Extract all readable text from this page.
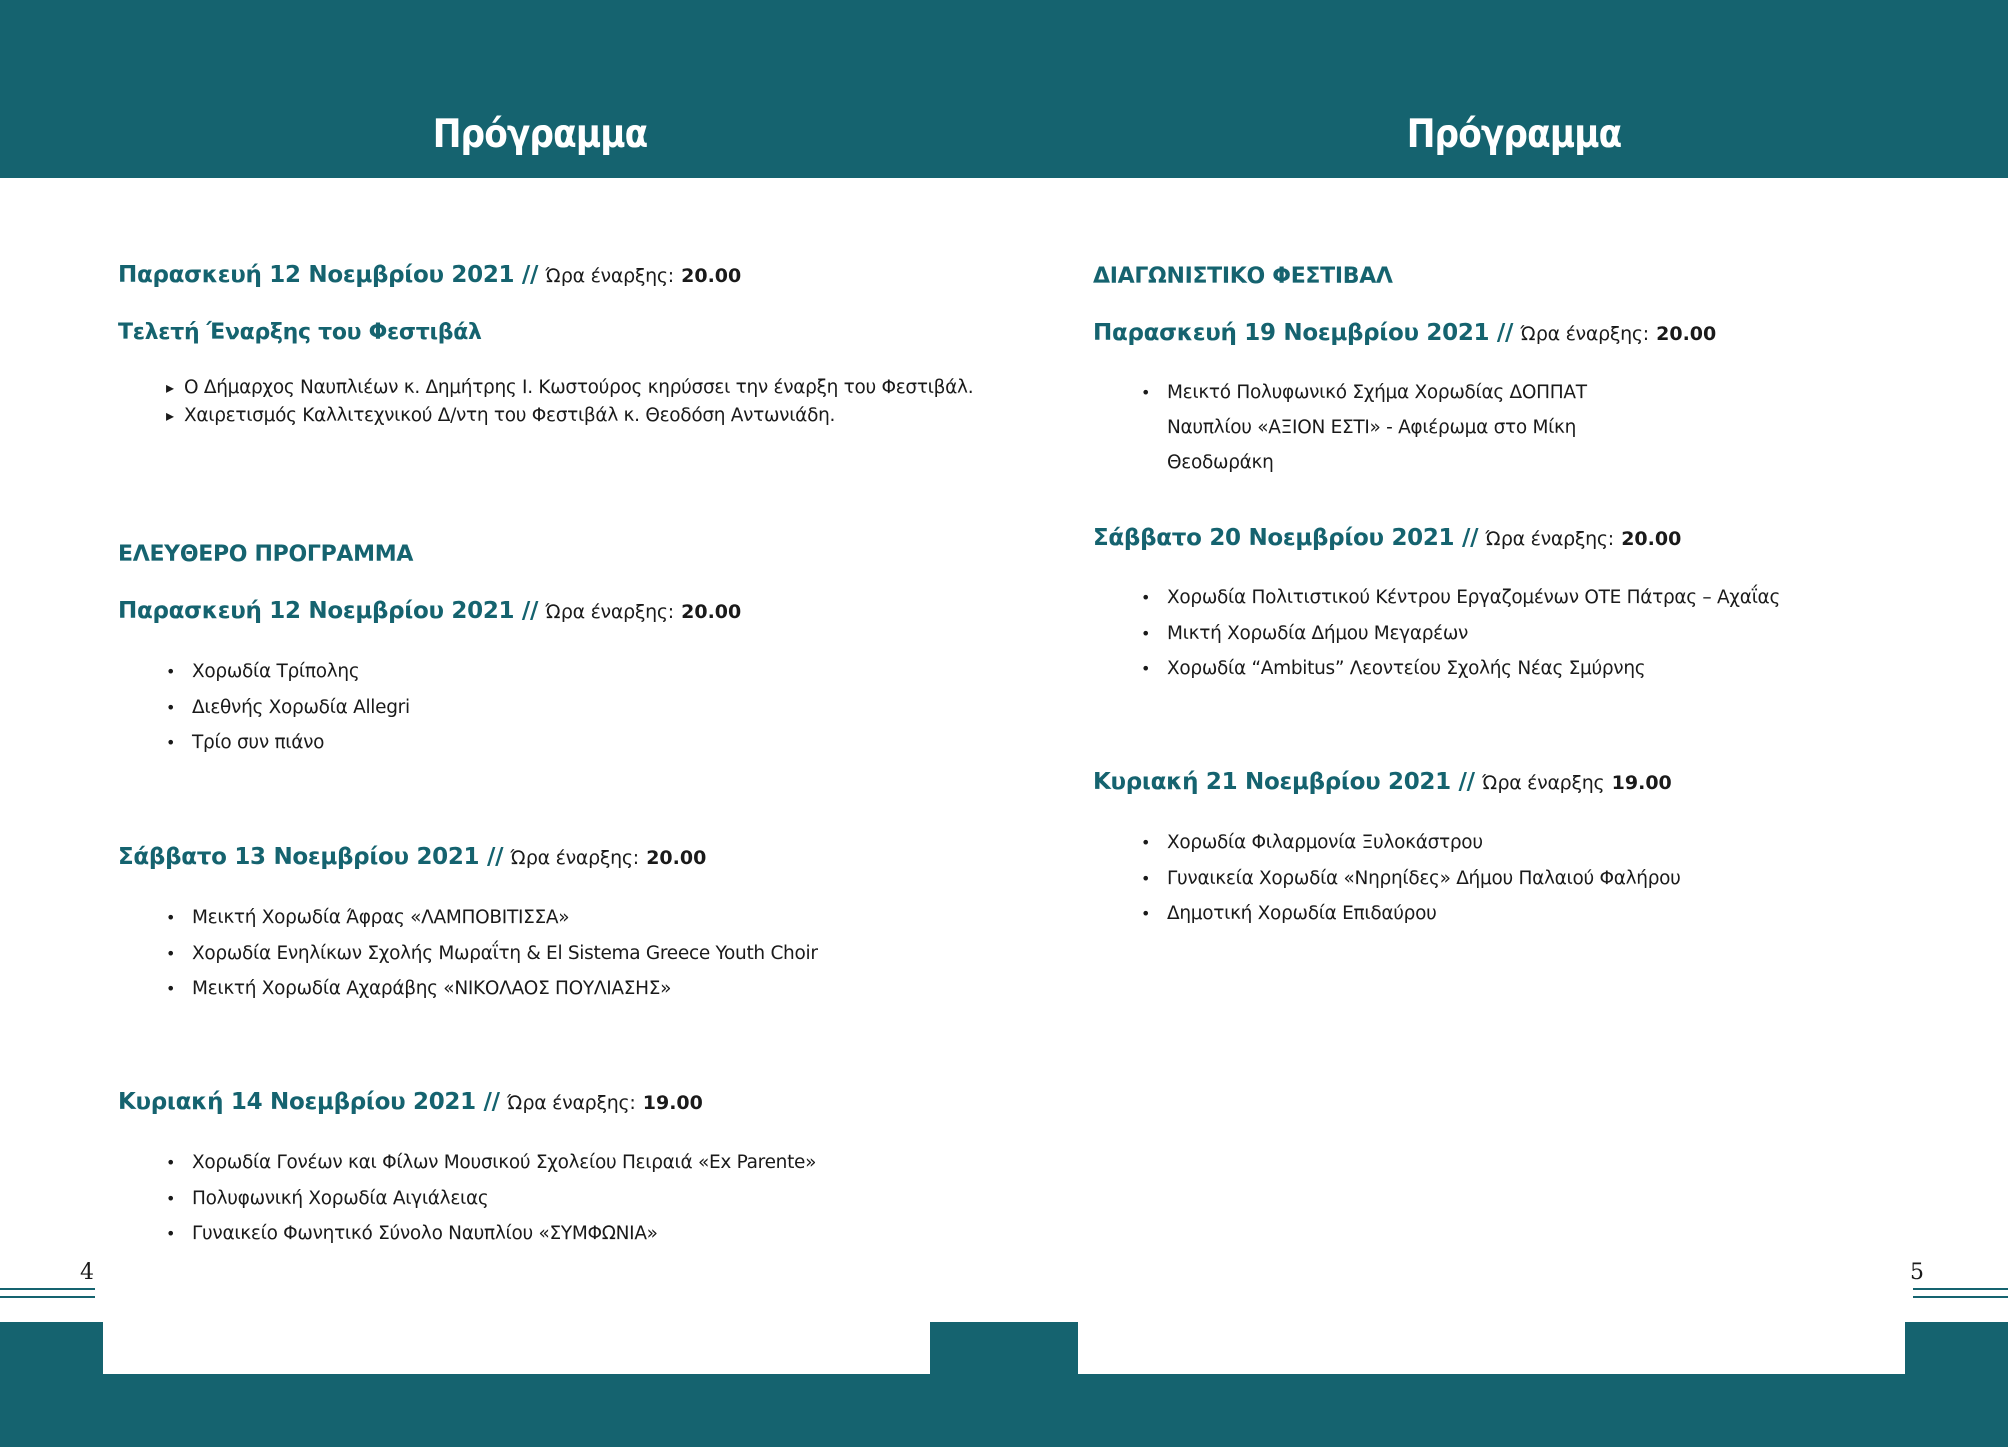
Πρόγραμμα	Πρόγραμμα

Παρασκευή 12 Νοεμβρίου 2021 // Ώρα έναρξης: 20.00

Τελετή Έναρξης του Φεστιβάλ
▸ Ο Δήμαρχος Ναυπλιέων κ. Δημήτρης Ι. Κωστούρος κηρύσσει την έναρξη του Φεστιβάλ.
▸ Χαιρετισμός Καλλιτεχνικού Δ/ντη του Φεστιβάλ κ. Θεοδόση Αντωνιάδη.
ΕΛΕΥΘΕΡΟ ΠΡΟΓΡΑΜΜΑ

Παρασκευή 12 Νοεμβρίου 2021 // Ώρα έναρξης: 20.00

• Χορωδία Τρίπολης
• Διεθνής Χορωδία Allegri
• Τρίο συν πιάνο

Σάββατο 13 Νοεμβρίου 2021 // Ώρα έναρξης: 20.00

• Μεικτή Χορωδία Άφρας «ΛΑΜΠΟΒΙΤΙΣΣΑ»
• Χορωδία Ενηλίκων Σχολής Μωραΐτη & El Sistema Greece Youth Choir
• Μεικτή Χορωδία Αχαράβης «ΝΙΚΟΛΑΟΣ ΠΟΥΛΙΑΣΗΣ»

Κυριακή 14 Νοεμβρίου 2021 // Ώρα έναρξης: 19.00

• Χορωδία Γονέων και Φίλων Μουσικού Σχολείου Πειραιά «Ex Parente»
• Πολυφωνική Χορωδία Αιγιάλειας
• Γυναικείο Φωνητικό Σύνολο Ναυπλίου «ΣΥΜΦΩΝΙΑ»
ΔΙΑΓΩΝΙΣΤΙΚΟ ΦΕΣΤΙΒΑΛ

Παρασκευή 19 Νοεμβρίου 2021 // Ώρα έναρξης: 20.00

• Μεικτό Πολυφωνικό Σχήμα Χορωδίας ΔΟΠΠΑΤ Ναυπλίου «ΑΞΙΟΝ ΕΣΤΙ» - Αφιέρωμα στο Μίκη Θεοδωράκη

Σάββατο 20 Νοεμβρίου 2021 // Ώρα έναρξης: 20.00

• Χορωδία Πολιτιστικού Κέντρου Εργαζομένων ΟΤΕ Πάτρας – Αχαΐας
• Μικτή Χορωδία Δήμου Μεγαρέων
• Χορωδία “Ambitus” Λεοντείου Σχολής Νέας Σμύρνης

Κυριακή 21 Νοεμβρίου 2021 // Ώρα έναρξης 19.00

• Χορωδία Φιλαρμονία Ξυλοκάστρου
• Γυναικεία Χορωδία «Νηρηίδες» Δήμου Παλαιού Φαλήρου
• Δημοτική Χορωδία Επιδαύρου
4	5
